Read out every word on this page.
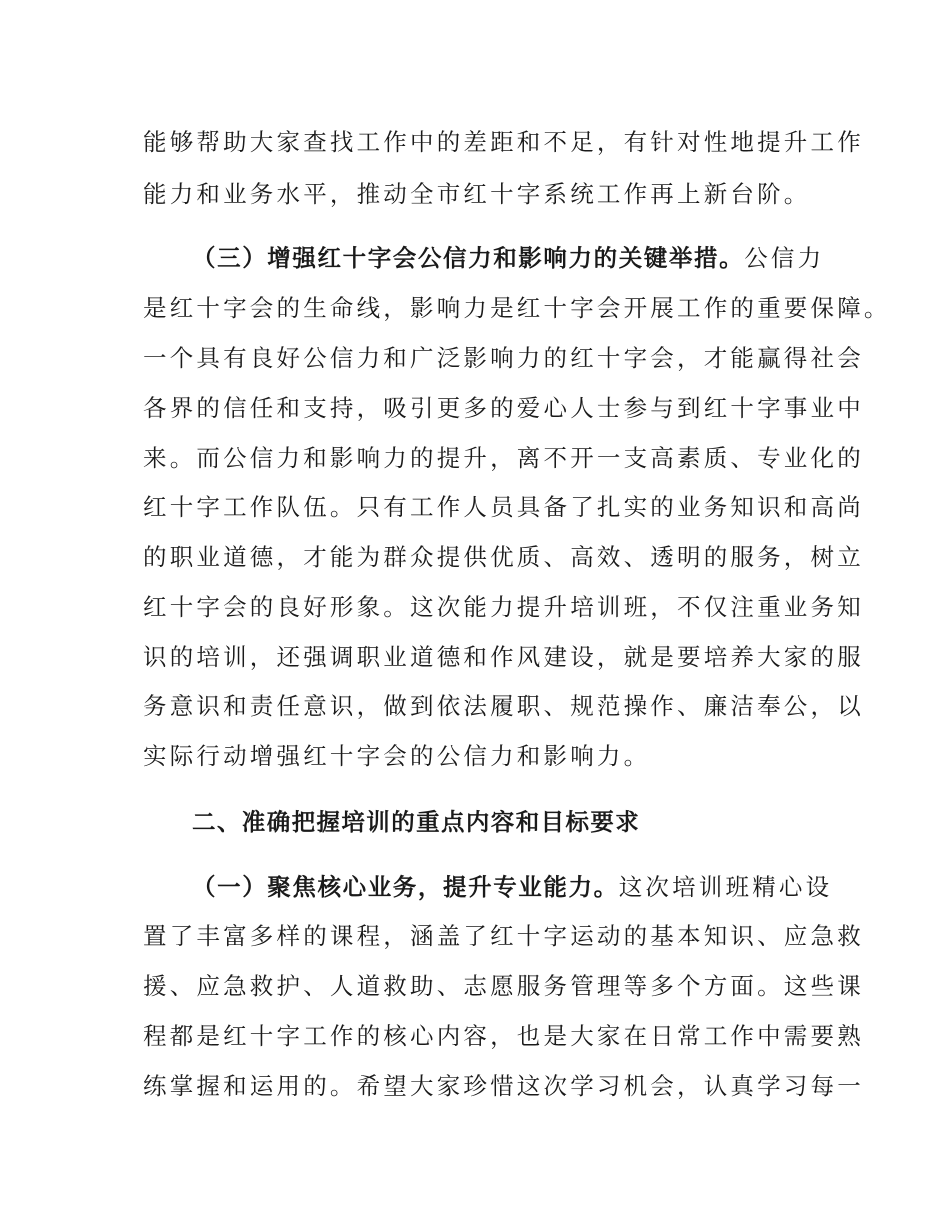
能够帮助大家查找工作中的差距和不足，有针对性地提升工作
能力和业务水平，推动全市红十字系统工作再上新台阶。
（三）增强红十字会公信力和影响力的关键举措。公信力
是红十字会的生命线，影响力是红十字会开展工作的重要保障。
一个具有良好公信力和广泛影响力的红十字会，才能赢得社会
各界的信任和支持，吸引更多的爱心人士参与到红十字事业中
来。而公信力和影响力的提升，离不开一支高素质、专业化的
红十字工作队伍。只有工作人员具备了扎实的业务知识和高尚
的职业道德，才能为群众提供优质、高效、透明的服务，树立
红十字会的良好形象。这次能力提升培训班，不仅注重业务知
识的培训，还强调职业道德和作风建设，就是要培养大家的服
务意识和责任意识，做到依法履职、规范操作、廉洁奉公，以
实际行动增强红十字会的公信力和影响力。
二、准确把握培训的重点内容和目标要求
（一）聚焦核心业务，提升专业能力。这次培训班精心设
置了丰富多样的课程，涵盖了红十字运动的基本知识、应急救
援、应急救护、人道救助、志愿服务管理等多个方面。这些课
程都是红十字工作的核心内容，也是大家在日常工作中需要熟
练掌握和运用的。希望大家珍惜这次学习机会，认真学习每一
